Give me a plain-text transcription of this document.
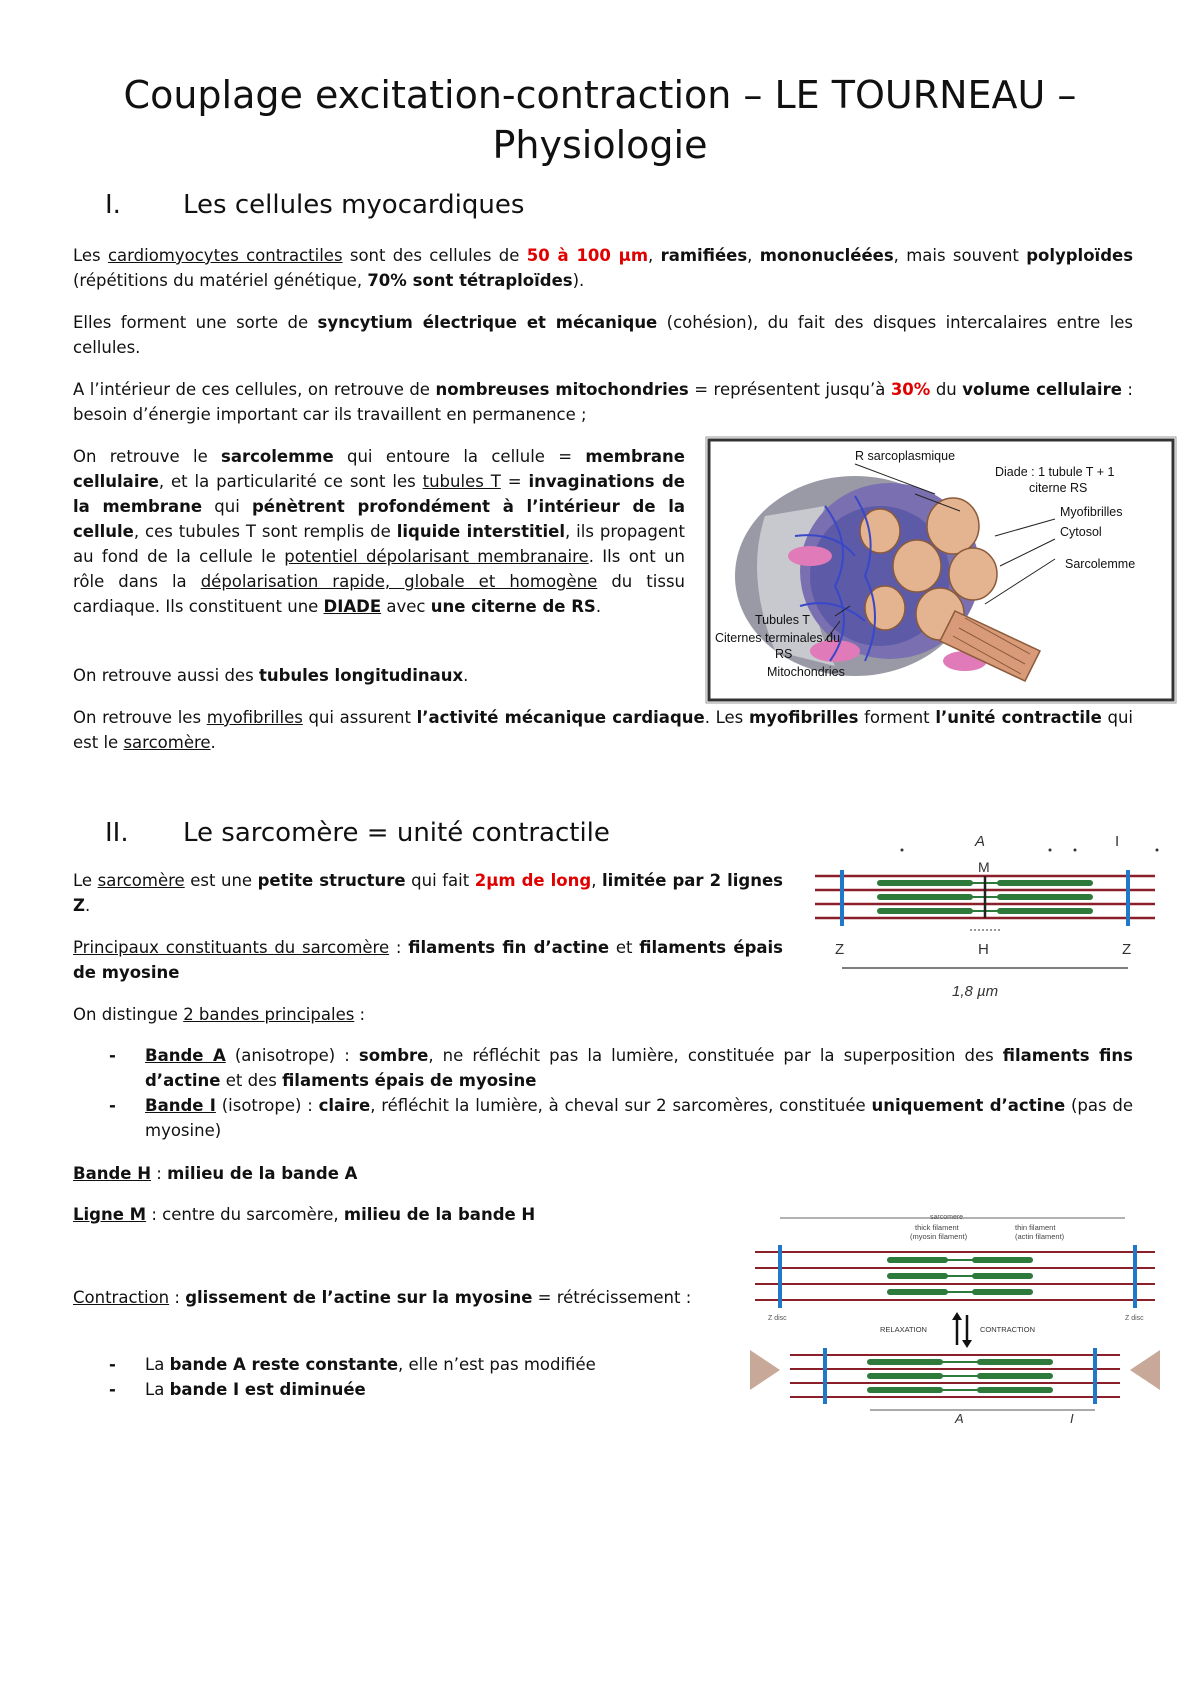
Couplage excitation-contraction – LE TOURNEAU – Physiologie
I. Les cellules myocardiques

Les cardiomyocytes contractiles sont des cellules de 50 à 100 µm, ramifiées, mononucléées, mais souvent polyploïdes (répétitions du matériel génétique, 70% sont tétraploïdes).

Elles forment une sorte de syncytium électrique et mécanique (cohésion), du fait des disques intercalaires entre les cellules.

A l’intérieur de ces cellules, on retrouve de nombreuses mitochondries = représentent jusqu’à 30% du volume cellulaire : besoin d’énergie important car ils travaillent en permanence ;

On retrouve le sarcolemme qui entoure la cellule = membrane cellulaire, et la particularité ce sont les tubules T = invaginations de la membrane qui pénètrent profondément à l’intérieur de la cellule, ces tubules T sont remplis de liquide interstitiel, ils propagent au fond de la cellule le potentiel dépolarisant membranaire. Ils ont un rôle dans la dépolarisation rapide, globale et homogène du tissu cardiaque. Ils constituent une DIADE avec une citerne de RS.

On retrouve aussi des tubules longitudinaux.

On retrouve les myofibrilles qui assurent l’activité mécanique cardiaque. Les myofibrilles forment l’unité contractile qui est le sarcomère.

R sarcoplasmique
Diade : 1 tubule T + 1
citerne RS
Myofibrilles
Cytosol
Sarcolemme
Tubules T
Citernes terminales du
RS
Mitochondries
II. Le sarcomère = unité contractile

Le sarcomère est une petite structure qui fait 2µm de long, limitée par 2 lignes Z.

Principaux constituants du sarcomère : filaments fin d’actine et filaments épais de myosine

On distingue 2 bandes principales :

- Bande A (anisotrope) : sombre, ne réfléchit pas la lumière, constituée par la superposition des filaments fins d’actine et des filaments épais de myosine
- Bande I (isotrope) : claire, réfléchit la lumière, à cheval sur 2 sarcomères, constituée uniquement d’actine (pas de myosine)

Bande H : milieu de la bande A

Ligne M : centre du sarcomère, milieu de la bande H

Contraction : glissement de l’actine sur la myosine = rétrécissement :

- La bande A reste constante, elle n’est pas modifiée
- La bande I est diminuée
A	I
M
Z	H	Z
1,8 µm
sarcomere
thick filament
(myosin filament)
thin filament
(actin filament)
Z disc	Z disc
RELAXATION	CONTRACTION
A	I
